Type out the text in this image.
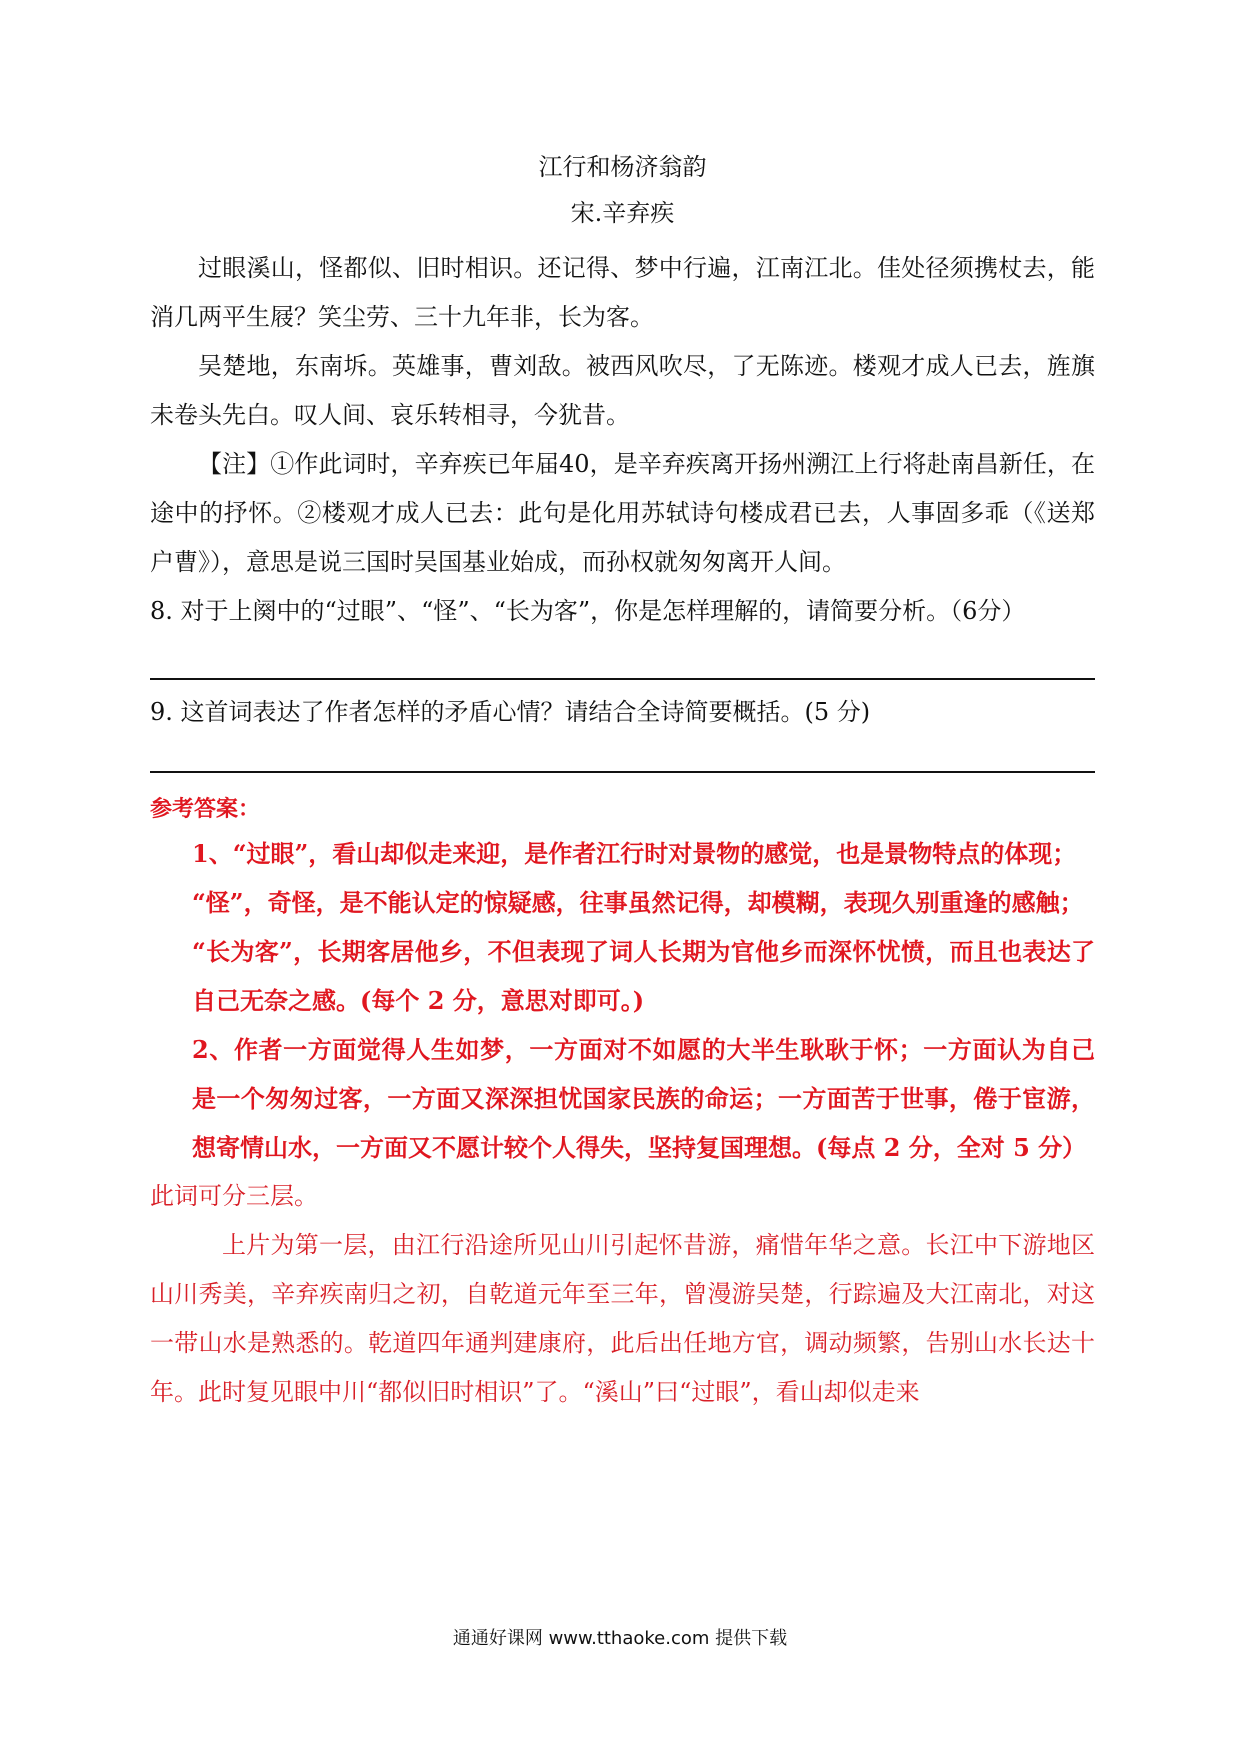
江行和杨济翁韵
宋.辛弃疾

过眼溪山，怪都似、旧时相识。还记得、梦中行遍，江南江北。佳处径须携杖去，能消几两平生屐？笑尘劳、三十九年非，长为客。

吴楚地，东南坼。英雄事，曹刘敌。被西风吹尽，了无陈迹。楼观才成人已去，旌旗未卷头先白。叹人间、哀乐转相寻，今犹昔。

【注】①作此词时，辛弃疾已年届40，是辛弃疾离开扬州溯江上行将赴南昌新任，在途中的抒怀。②楼观才成人已去：此句是化用苏轼诗句楼成君已去，人事固多乖（《送郑户曹》），意思是说三国时吴国基业始成，而孙权就匆匆离开人间。

8. 对于上阕中的“过眼”、“怪”、“长为客”，你是怎样理解的，请简要分析。（6分）

9. 这首词表达了作者怎样的矛盾心情？请结合全诗简要概括。(5 分)

参考答案：

1、“过眼”，看山却似走来迎，是作者江行时对景物的感觉，也是景物特点的体现；

“怪”，奇怪，是不能认定的惊疑感，往事虽然记得，却模糊，表现久别重逢的感触；

“长为客”，长期客居他乡，不但表现了词人长期为官他乡而深怀忧愤，而且也表达了自己无奈之感。(每个 2 分，意思对即可。)

2、作者一方面觉得人生如梦，一方面对不如愿的大半生耿耿于怀；一方面认为自己是一个匆匆过客，一方面又深深担忧国家民族的命运；一方面苦于世事，倦于宦游，想寄情山水，一方面又不愿计较个人得失，坚持复国理想。(每点 2 分，全对 5 分）

此词可分三层。

上片为第一层，由江行沿途所见山川引起怀昔游，痛惜年华之意。长江中下游地区山川秀美，辛弃疾南归之初，自乾道元年至三年，曾漫游吴楚，行踪遍及大江南北，对这一带山水是熟悉的。乾道四年通判建康府，此后出任地方官，调动频繁，告别山水长达十年。此时复见眼中川“都似旧时相识”了。“溪山”曰“过眼”，看山却似走来

通通好课网 www.tthaoke.com 提供下载
